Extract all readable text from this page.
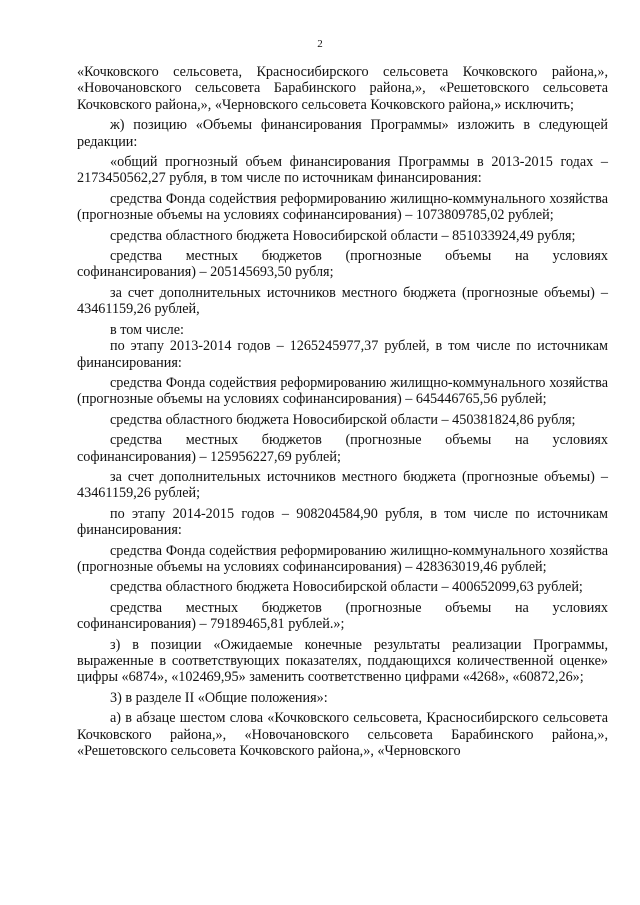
2

«Кочковского сельсовета, Красносибирского сельсовета Кочковского района,», «Новочановского сельсовета Барабинского района,», «Решетовского сельсовета Кочковского района,», «Черновского сельсовета Кочковского района,» исключить;

ж) позицию «Объемы финансирования Программы» изложить в следующей редакции:

«общий прогнозный объем финансирования Программы в 2013-2015 годах – 2173450562,27 рубля, в том числе по источникам финансирования:

средства Фонда содействия реформированию жилищно-коммунального хозяйства (прогнозные объемы на условиях софинансирования) – 1073809785,02 рублей;

средства областного бюджета Новосибирской области – 851033924,49 рубля;

средства местных бюджетов (прогнозные объемы на условиях софинансирования) – 205145693,50 рубля;

за счет дополнительных источников местного бюджета (прогнозные объемы) – 43461159,26 рублей,

в том числе:

по этапу 2013-2014 годов – 1265245977,37 рублей, в том числе по источникам финансирования:

средства Фонда содействия реформированию жилищно-коммунального хозяйства (прогнозные объемы на условиях софинансирования) – 645446765,56 рублей;

средства областного бюджета Новосибирской области – 450381824,86 рубля;

средства местных бюджетов (прогнозные объемы на условиях софинансирования) – 125956227,69 рублей;

за счет дополнительных источников местного бюджета (прогнозные объемы) – 43461159,26 рублей;

по этапу 2014-2015 годов – 908204584,90 рубля, в том числе по источникам финансирования:

средства Фонда содействия реформированию жилищно-коммунального хозяйства (прогнозные объемы на условиях софинансирования) – 428363019,46 рублей;

средства областного бюджета Новосибирской области – 400652099,63 рублей;

средства местных бюджетов (прогнозные объемы на условиях софинансирования) – 79189465,81 рублей.»;

з) в позиции «Ожидаемые конечные результаты реализации Программы, выраженные в соответствующих показателях, поддающихся количественной оценке» цифры «6874», «102469,95» заменить соответственно цифрами «4268», «60872,26»;

3) в разделе II «Общие положения»:

а) в абзаце шестом слова «Кочковского сельсовета, Красносибирского сельсовета Кочковского района,», «Новочановского сельсовета Барабинского района,», «Решетовского сельсовета Кочковского района,», «Черновского
